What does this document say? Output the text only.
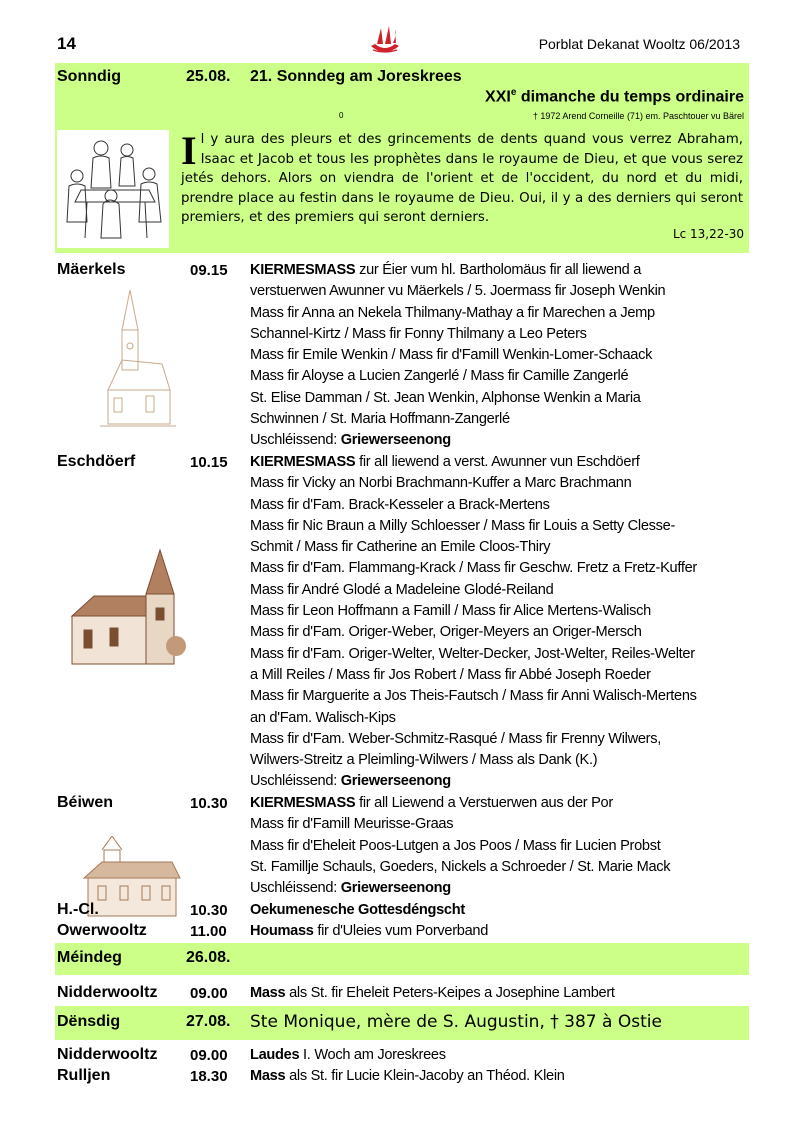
14	Porblat Dekanat Wooltz 06/2013
Sonndig	25.08. 21. Sonndeg am Joreskrees
XXIe dimanche du temps ordinaire
0	† 1972 Arend Corneille (71) em. Paschtouer vu Bärel
Il y aura des pleurs et des grincements de dents quand vous verrez Abraham, Isaac et Jacob et tous les prophètes dans le royaume de Dieu, et que vous serez jetés dehors. Alors on viendra de l'orient et de l'occident, du nord et du midi, prendre place au festin dans le royaume de Dieu. Oui, il y a des derniers qui seront premiers, et des premiers qui seront derniers.
Lc 13,22-30
Mäerkels	09.15 KIERMESMASS zur Éier vum hl. Bartholomäus fir all liewend a
verstuerwen Awunner vu Mäerkels / 5. Joermass fir Joseph Wenkin
Mass fir Anna an Nekela Thilmany-Mathay a fir Marechen a Jemp
Schannel-Kirtz / Mass fir Fonny Thilmany a Leo Peters
Mass fir Emile Wenkin / Mass fir d'Famill Wenkin-Lomer-Schaack
Mass fir Aloyse a Lucien Zangerlé / Mass fir Camille Zangerlé
St. Elise Damman / St. Jean Wenkin, Alphonse Wenkin a Maria
Schwinnen / St. Maria Hoffmann-Zangerlé
Uschléissend: Griewerseenong
Eschdöerf	10.15 KIERMESMASS fir all liewend a verst. Awunner vun Eschdöerf
Mass fir Vicky an Norbi Brachmann-Kuffer a Marc Brachmann
Mass fir d'Fam. Brack-Kesseler a Brack-Mertens
Mass fir Nic Braun a Milly Schloesser / Mass fir Louis a Setty Clesse-
Schmit / Mass fir Catherine an Emile Cloos-Thiry
Mass fir d'Fam. Flammang-Krack / Mass fir Geschw. Fretz a Fretz-Kuffer
Mass fir André Glodé a Madeleine Glodé-Reiland
Mass fir Leon Hoffmann a Famill / Mass fir Alice Mertens-Walisch
Mass fir d'Fam. Origer-Weber, Origer-Meyers an Origer-Mersch
Mass fir d'Fam. Origer-Welter, Welter-Decker, Jost-Welter, Reiles-Welter
a Mill Reiles / Mass fir Jos Robert / Mass fir Abbé Joseph Roeder
Mass fir Marguerite a Jos Theis-Fautsch / Mass fir Anni Walisch-Mertens
an d'Fam. Walisch-Kips
Mass fir d'Fam. Weber-Schmitz-Rasqué / Mass fir Frenny Wilwers,
Wilwers-Streitz a Pleimling-Wilwers / Mass als Dank (K.)
Uschléissend: Griewerseenong
Béiwen	10.30 KIERMESMASS fir all Liewend a Verstuerwen aus der Por
Mass fir d'Famill Meurisse-Graas
Mass fir d'Eheleit Poos-Lutgen a Jos Poos / Mass fir Lucien Probst
St. Famillje Schauls, Goeders, Nickels a Schroeder / St. Marie Mack
Uschléissend: Griewerseenong
H.-Cl.	10.30 Oekumenesche Gottesdéngscht
Owerwooltz	11.00 Houmass fir d'Uleies vum Porverband
Méindeg	26.08.
Nidderwooltz 09.00 Mass als St. fir Eheleit Peters-Keipes a Josephine Lambert
Dënsdig	27.08. Ste Monique, mère de S. Augustin, † 387 à Ostie
Nidderwooltz 09.00 Laudes I. Woch am Joreskrees
Rulljen	18.30 Mass als St. fir Lucie Klein-Jacoby an Théod. Klein
